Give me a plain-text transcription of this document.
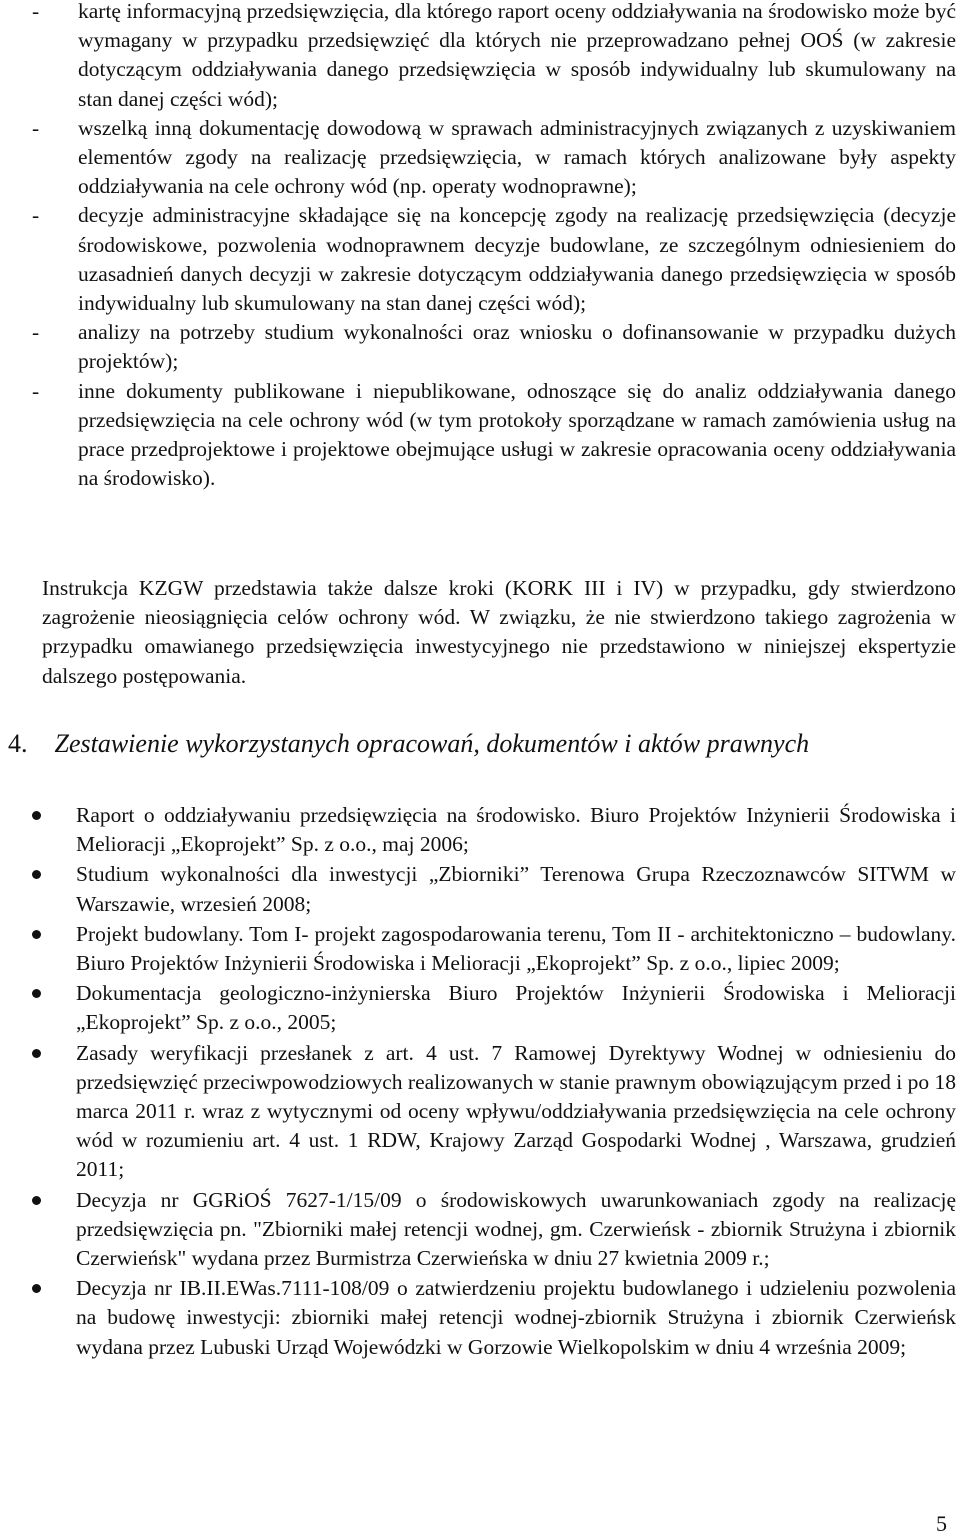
- kartę informacyjną przedsięwzięcia, dla którego raport oceny oddziaływania na środowisko może być wymagany w przypadku przedsięwzięć dla których nie przeprowadzano pełnej OOŚ (w zakresie dotyczącym oddziaływania danego przedsięwzięcia w sposób indywidualny lub skumulowany na stan danej części wód);
- wszelką inną dokumentację dowodową w sprawach administracyjnych związanych z uzyskiwaniem elementów zgody na realizację przedsięwzięcia, w ramach których analizowane były aspekty oddziaływania na cele ochrony wód (np. operaty wodnoprawne);
- decyzje administracyjne składające się na koncepcję zgody na realizację przedsięwzięcia (decyzje środowiskowe, pozwolenia wodnoprawnem decyzje budowlane, ze szczególnym odniesieniem do uzasadnień danych decyzji w zakresie dotyczącym oddziaływania danego przedsięwzięcia w sposób indywidualny lub skumulowany na stan danej części wód);
- analizy na potrzeby studium wykonalności oraz wniosku o dofinansowanie w przypadku dużych projektów);
- inne dokumenty publikowane i niepublikowane, odnoszące się do analiz oddziaływania danego przedsięwzięcia na cele ochrony wód (w tym protokoły sporządzane w ramach zamówienia usług na prace przedprojektowe i projektowe obejmujące usługi w zakresie opracowania oceny oddziaływania na środowisko).

Instrukcja KZGW przedstawia także dalsze kroki (KORK III i IV) w przypadku, gdy stwierdzono zagrożenie nieosiągnięcia celów ochrony wód. W związku, że nie stwierdzono takiego zagrożenia w przypadku omawianego przedsięwzięcia inwestycyjnego nie przedstawiono w niniejszej ekspertyzie dalszego postępowania.

4. Zestawienie wykorzystanych opracowań, dokumentów i aktów prawnych
Raport o oddziaływaniu przedsięwzięcia na środowisko. Biuro Projektów Inżynierii Środowiska i Melioracji „Ekoprojekt” Sp. z o.o., maj 2006;
Studium wykonalności dla inwestycji „Zbiorniki” Terenowa Grupa Rzeczoznawców SITWM w Warszawie, wrzesień 2008;
Projekt budowlany. Tom I- projekt zagospodarowania terenu, Tom II - architektoniczno – budowlany. Biuro Projektów Inżynierii Środowiska i Melioracji „Ekoprojekt” Sp. z o.o., lipiec 2009;
Dokumentacja geologiczno-inżynierska Biuro Projektów Inżynierii Środowiska i Melioracji „Ekoprojekt” Sp. z o.o., 2005;
Zasady weryfikacji przesłanek z art. 4 ust. 7 Ramowej Dyrektywy Wodnej w odniesieniu do przedsięwzięć przeciwpowodziowych realizowanych w stanie prawnym obowiązującym przed i po 18 marca 2011 r. wraz z wytycznymi od oceny wpływu/oddziaływania przedsięwzięcia na cele ochrony wód w rozumieniu art. 4 ust. 1 RDW, Krajowy Zarząd Gospodarki Wodnej , Warszawa, grudzień 2011;
Decyzja nr GGRiOŚ 7627-1/15/09 o środowiskowych uwarunkowaniach zgody na realizację przedsięwzięcia pn. "Zbiorniki małej retencji wodnej, gm. Czerwieńsk - zbiornik Strużyna i zbiornik Czerwieńsk" wydana przez Burmistrza Czerwieńska w dniu 27 kwietnia 2009 r.;
Decyzja nr IB.II.EWas.7111-108/09 o zatwierdzeniu projektu budowlanego i udzieleniu pozwolenia na budowę inwestycji: zbiorniki małej retencji wodnej-zbiornik Strużyna i zbiornik Czerwieńsk wydana przez Lubuski Urząd Wojewódzki w Gorzowie Wielkopolskim w dniu 4 września 2009;
5
